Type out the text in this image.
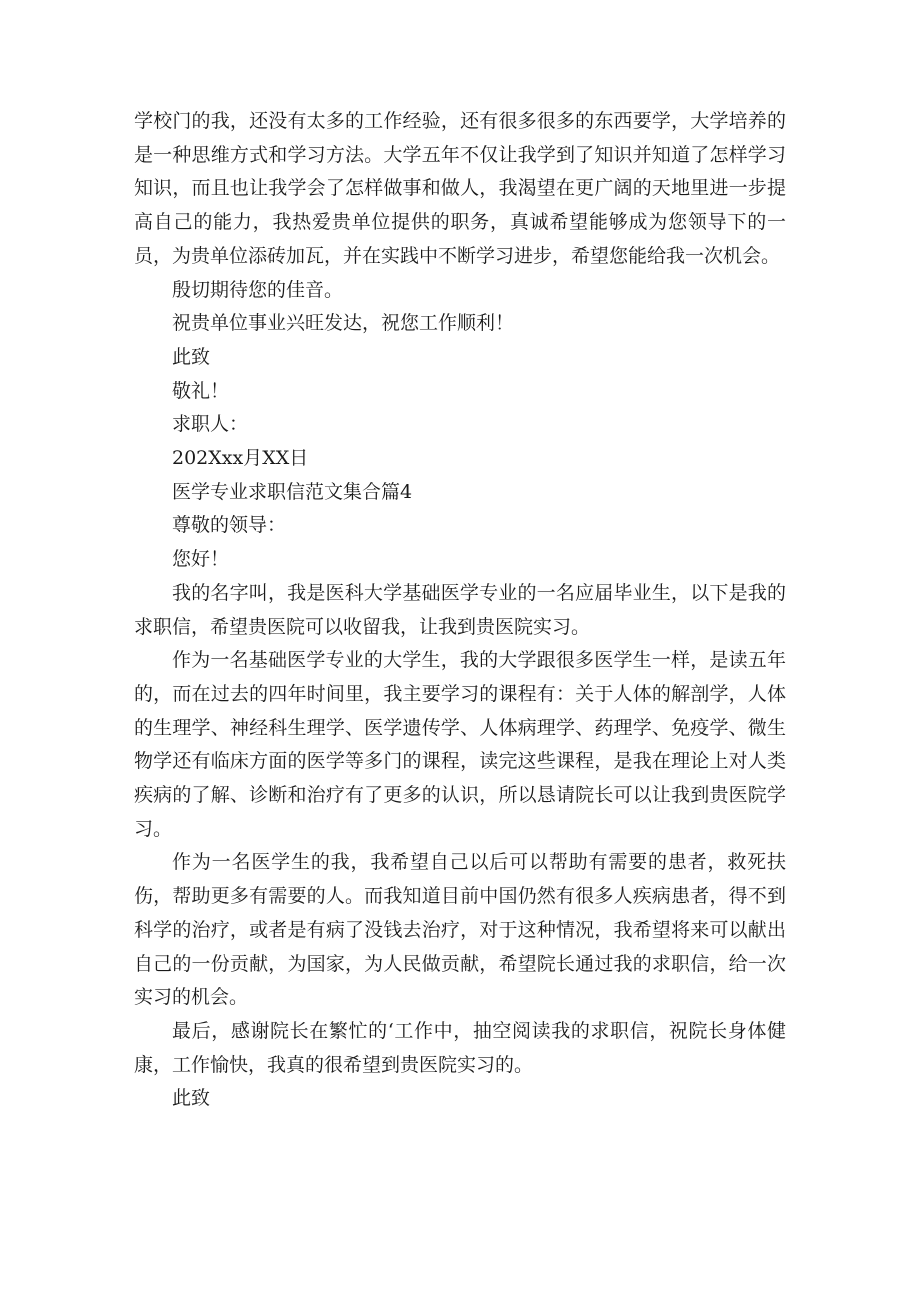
学校门的我，还没有太多的工作经验，还有很多很多的东西要学，大学培养的是一种思维方式和学习方法。大学五年不仅让我学到了知识并知道了怎样学习知识，而且也让我学会了怎样做事和做人，我渴望在更广阔的天地里进一步提高自己的能力，我热爱贵单位提供的职务，真诚希望能够成为您领导下的一员，为贵单位添砖加瓦，并在实践中不断学习进步，希望您能给我一次机会。

殷切期待您的佳音。

祝贵单位事业兴旺发达，祝您工作顺利！

此致

敬礼！

求职人：

202Xxx月XX日

医学专业求职信范文集合篇4

尊敬的领导：

您好！

我的名字叫，我是医科大学基础医学专业的一名应届毕业生，以下是我的求职信，希望贵医院可以收留我，让我到贵医院实习。

作为一名基础医学专业的大学生，我的大学跟很多医学生一样，是读五年的，而在过去的四年时间里，我主要学习的课程有：关于人体的解剖学，人体的生理学、神经科生理学、医学遗传学、人体病理学、药理学、免疫学、微生物学还有临床方面的医学等多门的课程，读完这些课程，是我在理论上对人类疾病的了解、诊断和治疗有了更多的认识，所以恳请院长可以让我到贵医院学习。

作为一名医学生的我，我希望自己以后可以帮助有需要的患者，救死扶伤，帮助更多有需要的人。而我知道目前中国仍然有很多人疾病患者，得不到科学的治疗，或者是有病了没钱去治疗，对于这种情况，我希望将来可以献出自己的一份贡献，为国家，为人民做贡献，希望院长通过我的求职信，给一次实习的机会。

最后，感谢院长在繁忙的‘工作中，抽空阅读我的求职信，祝院长身体健康，工作愉快，我真的很希望到贵医院实习的。

此致
